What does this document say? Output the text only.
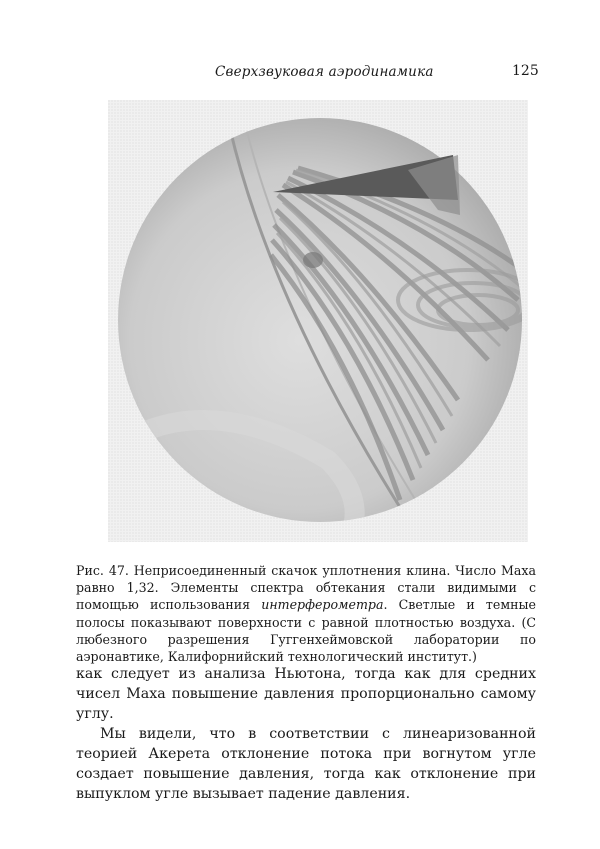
Сверхзвуковая аэродинамика	125
Рис. 47. Неприсоединенный скачок уплотнения клина. Число Маха равно 1,32. Элементы спектра обтекания стали видимыми с помощью использования интерферометра. Светлые и темные полосы показывают поверхности с равной плотностью воздуха. (С любезного разрешения Гуггенхеймовской лаборатории по аэронавтике, Калифорнийский технологический институт.)

как следует из анализа Ньютона, тогда как для средних чисел Маха повышение давления пропорционально самому углу.

Мы видели, что в соответствии с линеаризованной теорией Акерета отклонение потока при вогнутом угле создает повышение давления, тогда как отклонение при выпуклом угле вызывает падение давления.
